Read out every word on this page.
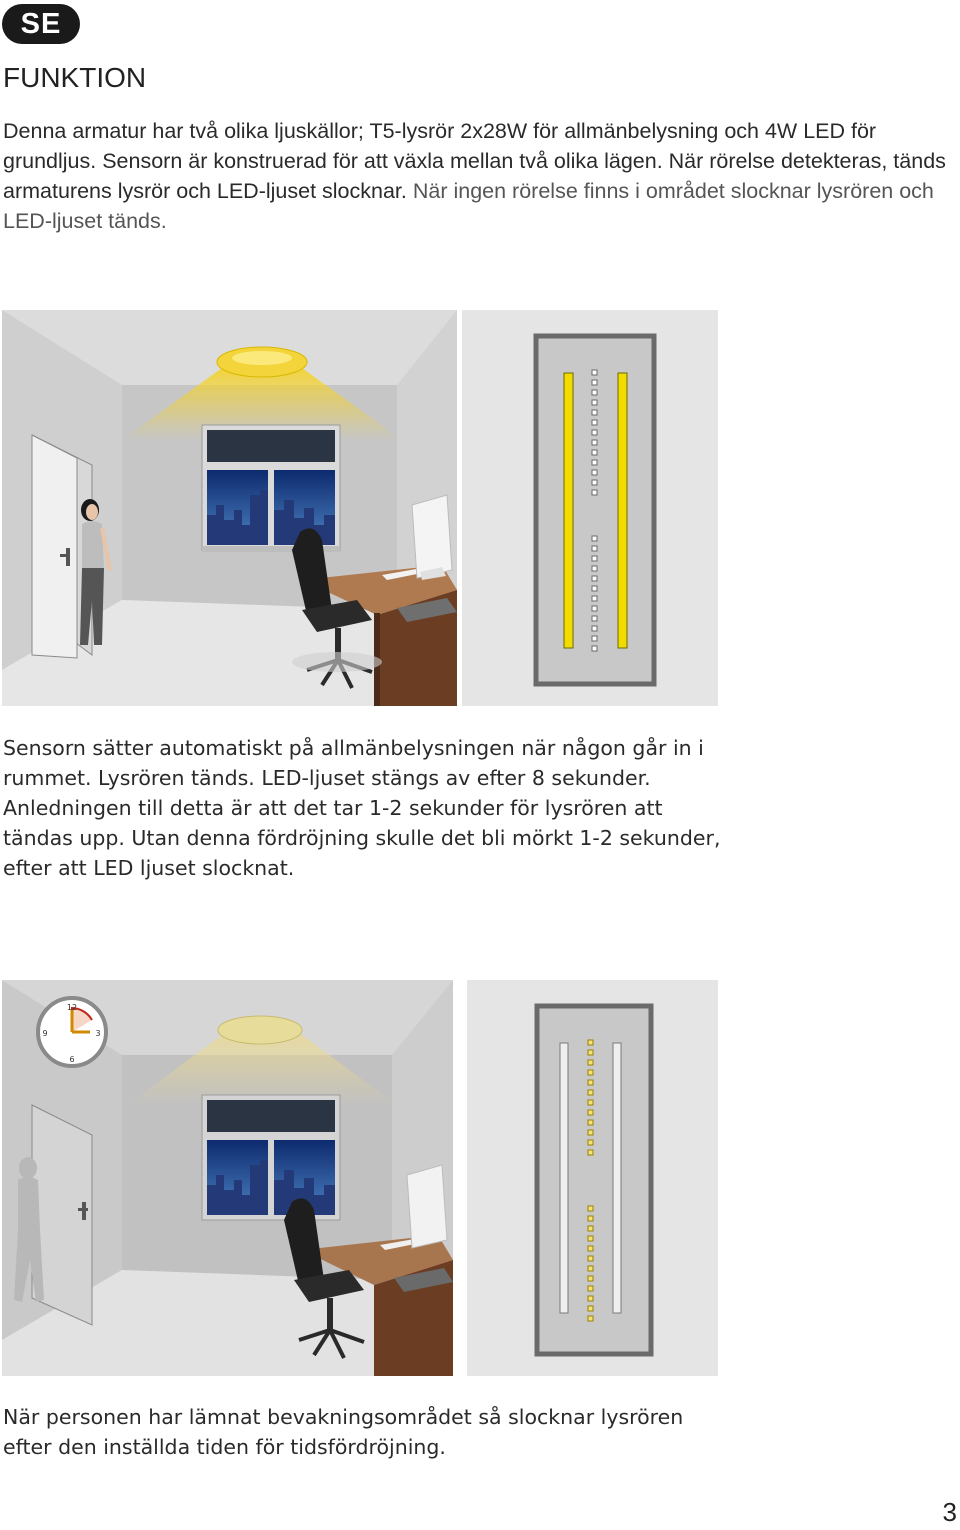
SE
FUNKTION

Denna armatur har två olika ljuskällor; T5-lysrör 2x28W för allmänbelysning och 4W LED för grundljus. Sensorn är konstruerad för att växla mellan två olika lägen. När rörelse detekteras, tänds armaturens lysrör och LED-ljuset slocknar. När ingen rörelse finns i området slocknar lysrören och LED-ljuset tänds.

Sensorn sätter automatiskt på allmänbelysningen när någon går in i rummet. Lysrören tänds. LED-ljuset stängs av efter 8 sekunder. Anledningen till detta är att det tar 1-2 sekunder för lysrören att tändas upp. Utan denna fördröjning skulle det bli mörkt 1-2 sekunder, efter att LED ljuset slocknat.

12
3
6
9

När personen har lämnat bevakningsområdet så slocknar lysrören efter den inställda tiden för tidsfördröjning.

3
